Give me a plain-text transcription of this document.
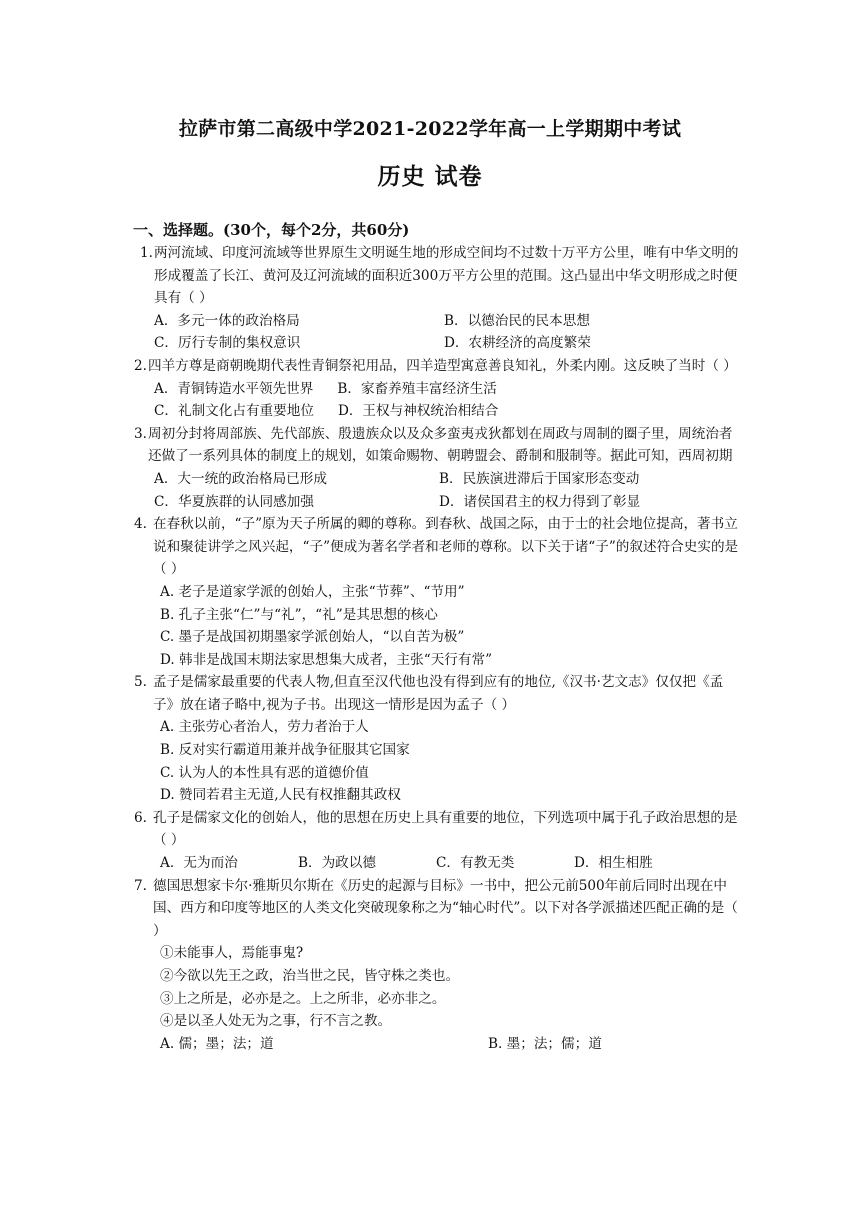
拉萨市第二高级中学2021-2022学年高一上学期期中考试
历史 试卷
一、选择题。(30个，每个2分，共60分)
1. 两河流域、印度河流域等世界原生文明诞生地的形成空间均不过数十万平方公里，唯有中华文明的形成覆盖了长江、黄河及辽河流域的面积近300万平方公里的范围。这凸显出中华文明形成之时便具有（ ）
A．多元一体的政治格局	B．以德治民的民本思想
C．厉行专制的集权意识	D．农耕经济的高度繁荣
2. 四羊方尊是商朝晚期代表性青铜祭祀用品，四羊造型寓意善良知礼，外柔内刚。这反映了当时（ ）
A．青铜铸造水平领先世界 B．家畜养殖丰富经济生活
C．礼制文化占有重要地位 D．王权与神权统治相结合
3. 周初分封将周部族、先代部族、殷遗族众以及众多蛮夷戎狄都划在周政与周制的圈子里，周统治者还做了一系列具体的制度上的规划，如策命赐物、朝聘盟会、爵制和服制等。据此可知，西周初期
A．大一统的政治格局已形成	B．民族演进滞后于国家形态变动
C．华夏族群的认同感加强	D．诸侯国君主的权力得到了彰显
4. 在春秋以前，“子”原为天子所属的卿的尊称。到春秋、战国之际，由于士的社会地位提高，著书立说和聚徒讲学之风兴起，“子”便成为著名学者和老师的尊称。以下关于诸“子”的叙述符合史实的是（ ）
A. 老子是道家学派的创始人，主张“节葬”、“节用”
B. 孔子主张“仁”与“礼”，“礼”是其思想的核心
C. 墨子是战国初期墨家学派创始人，“以自苦为极”
D. 韩非是战国末期法家思想集大成者，主张“天行有常”
5. 孟子是儒家最重要的代表人物,但直至汉代他也没有得到应有的地位,《汉书·艺文志》仅仅把《孟子》放在诸子略中,视为子书。出现这一情形是因为孟子（ ）
A. 主张劳心者治人，劳力者治于人
B. 反对实行霸道用兼并战争征服其它国家
C. 认为人的本性具有恶的道德价值
D. 赞同若君主无道,人民有权推翻其政权
6. 孔子是儒家文化的创始人，他的思想在历史上具有重要的地位，下列选项中属于孔子政治思想的是（ ）
A．无为而治	B．为政以德	C．有教无类	D．相生相胜
7. 德国思想家卡尔·雅斯贝尔斯在《历史的起源与目标》一书中，把公元前500年前后同时出现在中国、西方和印度等地区的人类文化突破现象称之为“轴心时代”。以下对各学派描述匹配正确的是（ ）
①未能事人，焉能事鬼?
②今欲以先王之政，治当世之民，皆守株之类也。
③上之所是，必亦是之。上之所非，必亦非之。
④是以圣人处无为之事，行不言之教。
A. 儒；墨；法；道	B. 墨；法；儒；道
